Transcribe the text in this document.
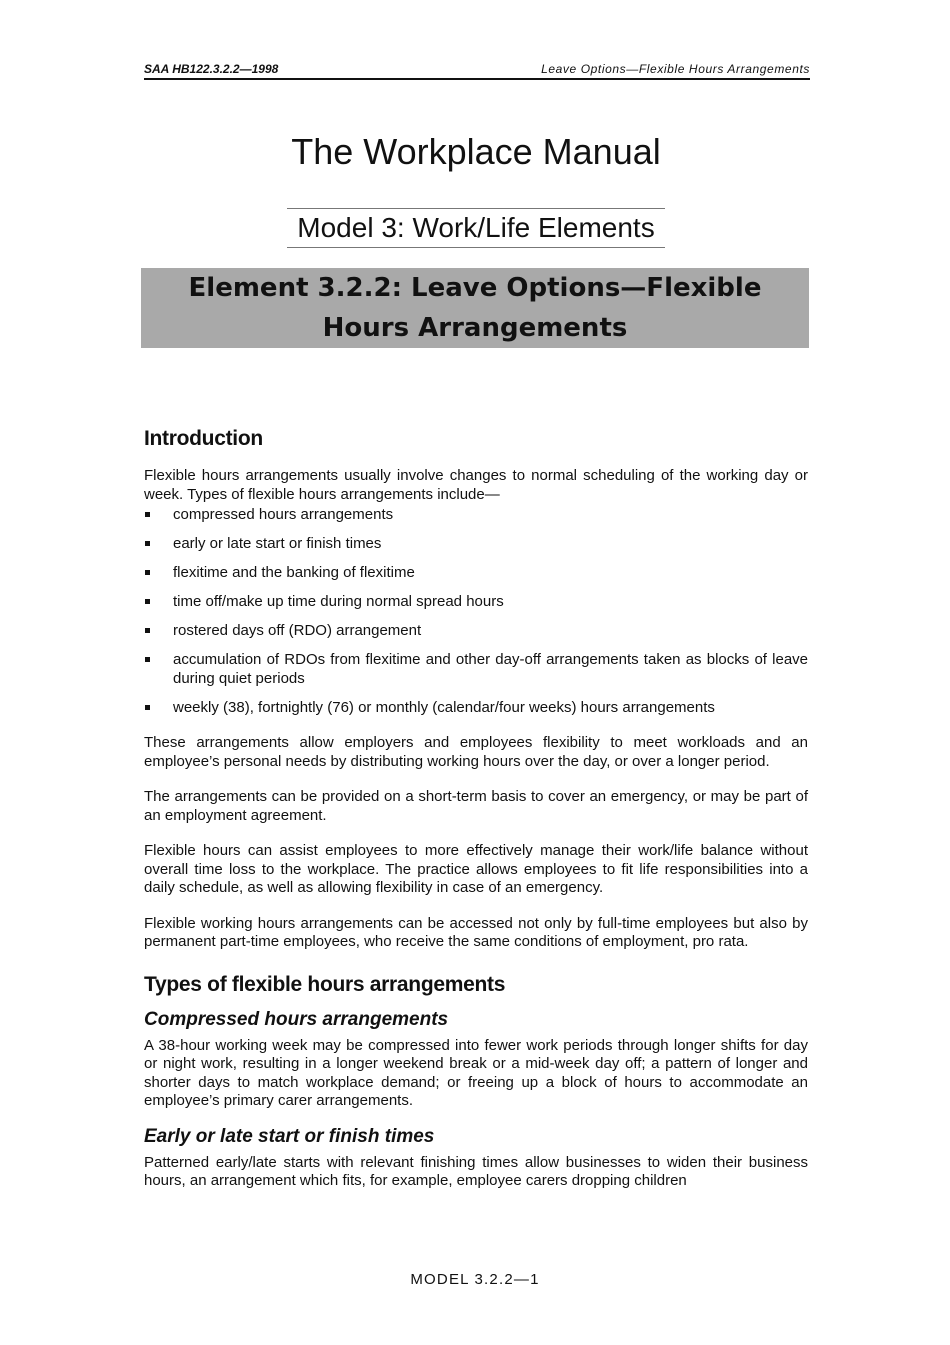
SAA HB122.3.2.2—1998	Leave Options—Flexible Hours Arrangements
The Workplace Manual
Model 3: Work/Life Elements
Element 3.2.2: Leave Options—Flexible
Hours Arrangements
Introduction

Flexible hours arrangements usually involve changes to normal scheduling of the working day or week. Types of flexible hours arrangements include—

compressed hours arrangements
early or late start or finish times
flexitime and the banking of flexitime
time off/make up time during normal spread hours
rostered days off (RDO) arrangement
accumulation of RDOs from flexitime and other day-off arrangements taken as blocks of leave during quiet periods
weekly (38), fortnightly (76) or monthly (calendar/four weeks) hours arrangements

These arrangements allow employers and employees flexibility to meet workloads and an employee’s personal needs by distributing working hours over the day, or over a longer period.

The arrangements can be provided on a short-term basis to cover an emergency, or may be part of an employment agreement.

Flexible hours can assist employees to more effectively manage their work/life balance without overall time loss to the workplace. The practice allows employees to fit life responsibilities into a daily schedule, as well as allowing flexibility in case of an emergency.

Flexible working hours arrangements can be accessed not only by full-time employees but also by permanent part-time employees, who receive the same conditions of employment, pro rata.

Types of flexible hours arrangements
Compressed hours arrangements

A 38-hour working week may be compressed into fewer work periods through longer shifts for day or night work, resulting in a longer weekend break or a mid-week day off; a pattern of longer and shorter days to match workplace demand; or freeing up a block of hours to accommodate an employee’s primary carer arrangements.

Early or late start or finish times

Patterned early/late starts with relevant finishing times allow businesses to widen their business hours, an arrangement which fits, for example, employee carers dropping children

MODEL 3.2.2—1
